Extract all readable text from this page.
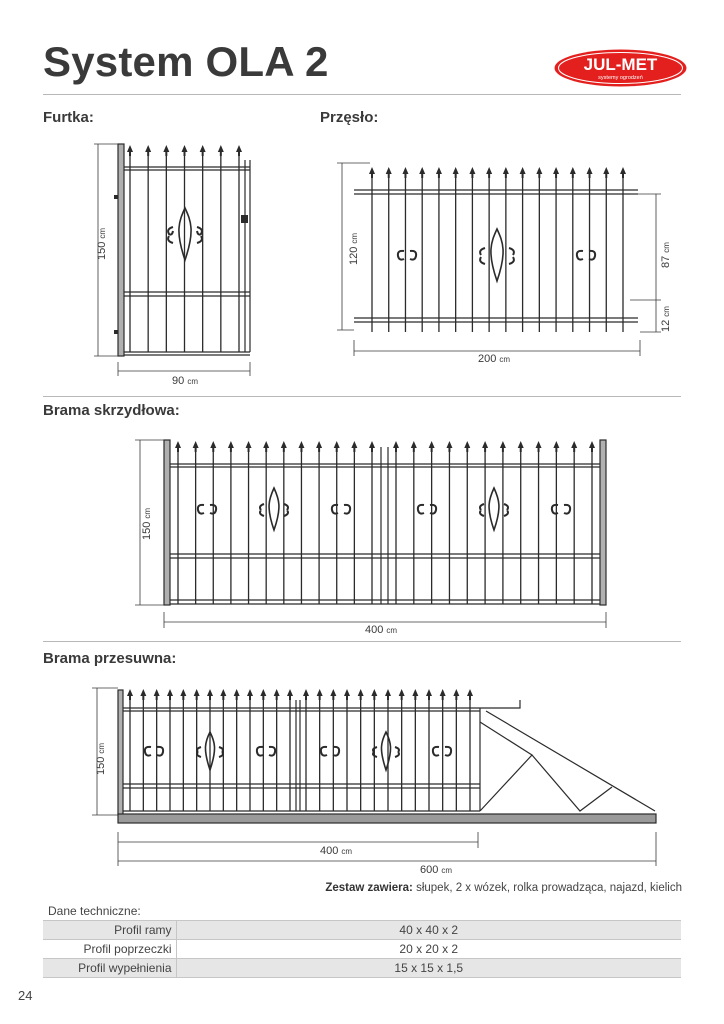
System OLA 2	JUL-MET
systemy ogrodzeń
Furtka:	Przęsło:
Brama skrzydłowa:
Brama przesuwna:
150 cm
90 cm
120 cm
200 cm
87 cm
12 cm
150 cm
400 cm
150 cm
400 cm
600 cm
Zestaw zawiera: słupek, 2 x wózek, rolka prowadząca, najazd, kielich
Dane techniczne:
Profil ramy	40 x 40 x 2
Profil poprzeczki	20 x 20 x 2
Profil wypełnienia	15 x 15 x 1,5
24
